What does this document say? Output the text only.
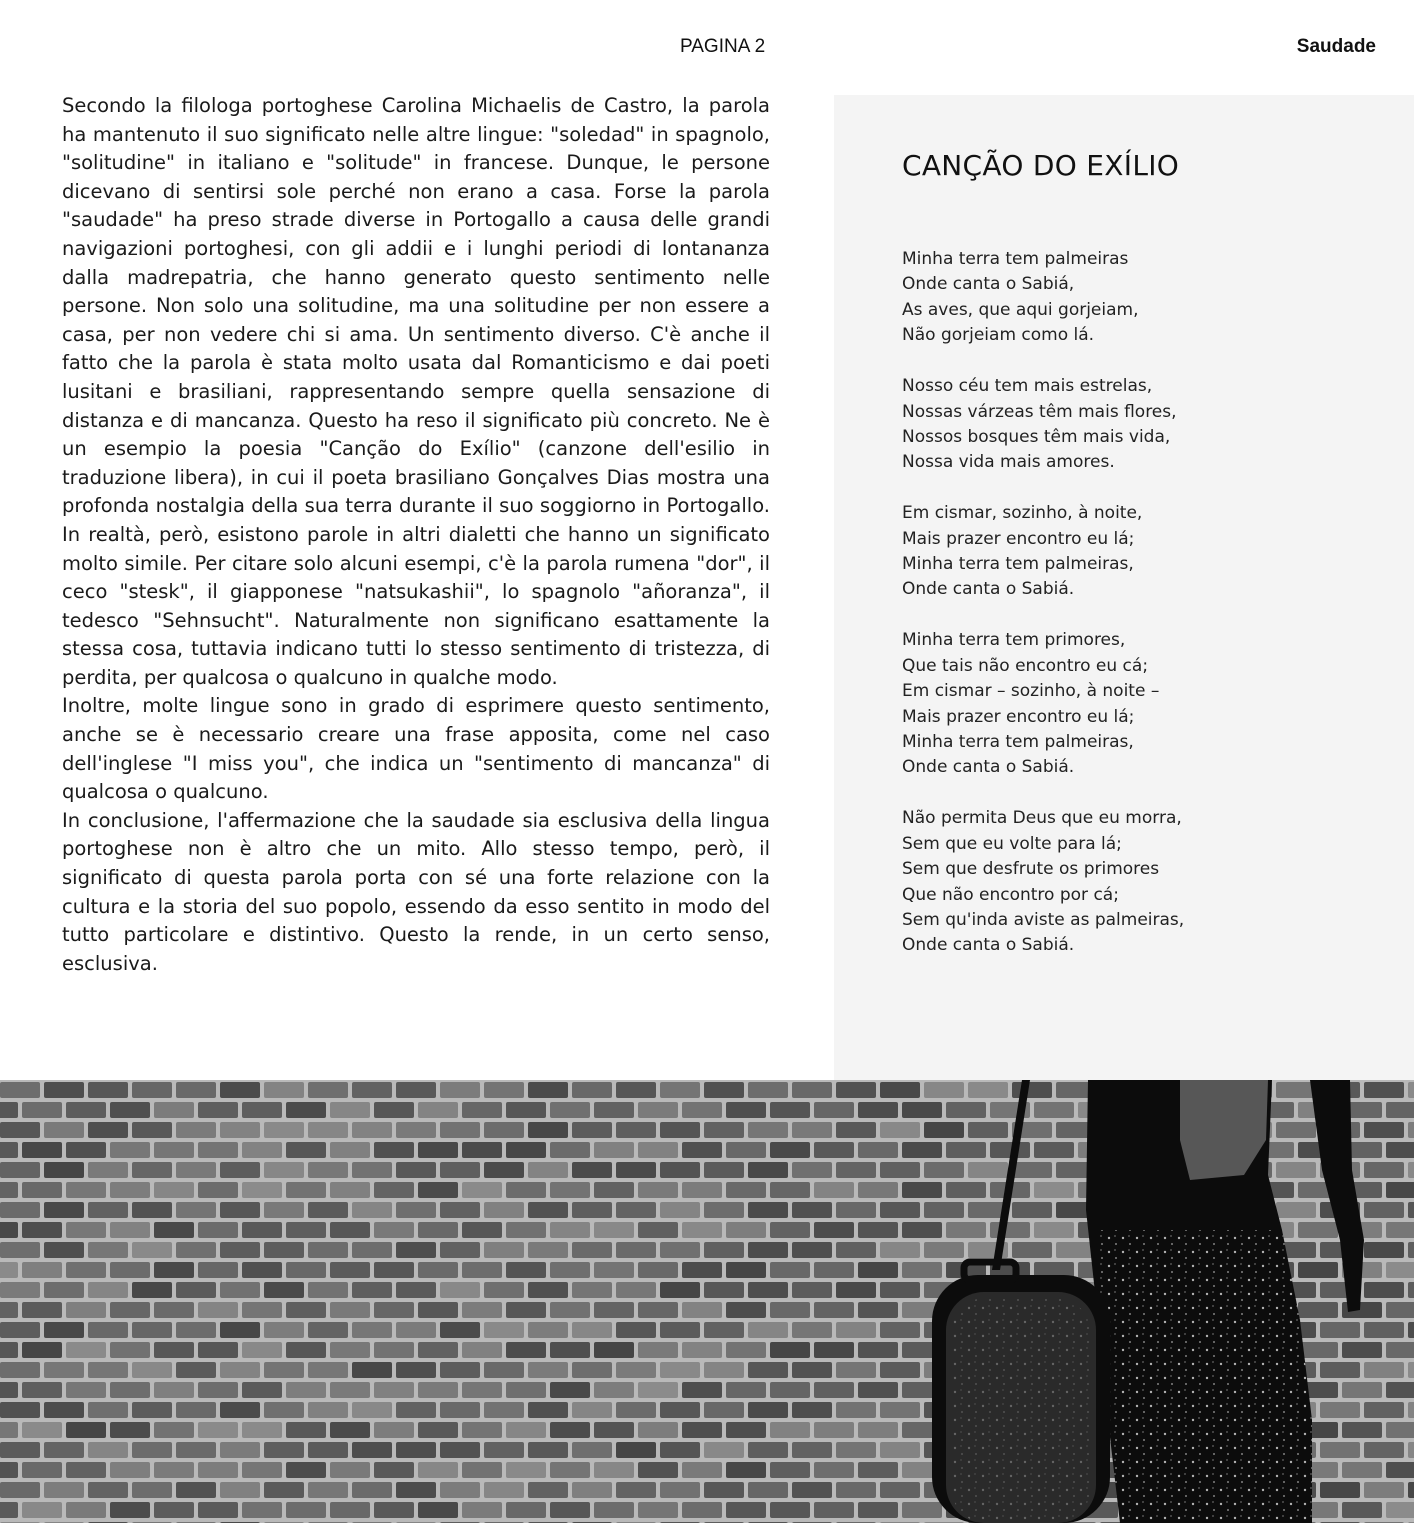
PAGINA 2	Saudade

Secondo la filologa portoghese Carolina Michaelis de Castro, la parola ha mantenuto il suo significato nelle altre lingue: "soledad" in spagnolo, "solitudine" in italiano e "solitude" in francese. Dunque, le persone dicevano di sentirsi sole perché non erano a casa. Forse la parola "saudade" ha preso strade diverse in Portogallo a causa delle grandi navigazioni portoghesi, con gli addii e i lunghi periodi di lontananza dalla madrepatria, che hanno generato questo sentimento nelle persone. Non solo una solitudine, ma una solitudine per non essere a casa, per non vedere chi si ama. Un sentimento diverso. C'è anche il fatto che la parola è stata molto usata dal Romanticismo e dai poeti lusitani e brasiliani, rappresentando sempre quella sensazione di distanza e di mancanza. Questo ha reso il significato più concreto. Ne è un esempio la poesia "Canção do Exílio" (canzone dell'esilio in traduzione libera), in cui il poeta brasiliano Gonçalves Dias mostra una profonda nostalgia della sua terra durante il suo soggiorno in Portogallo. In realtà, però, esistono parole in altri dialetti che hanno un significato molto simile. Per citare solo alcuni esempi, c'è la parola rumena "dor", il ceco "stesk", il giapponese "natsukashii", lo spagnolo "añoranza", il tedesco "Sehnsucht". Naturalmente non significano esattamente la stessa cosa, tuttavia indicano tutti lo stesso sentimento di tristezza, di perdita, per qualcosa o qualcuno in qualche modo.

Inoltre, molte lingue sono in grado di esprimere questo sentimento, anche se è necessario creare una frase apposita, come nel caso dell'inglese "I miss you", che indica un "sentimento di mancanza" di qualcosa o qualcuno.

In conclusione, l'affermazione che la saudade sia esclusiva della lingua portoghese non è altro che un mito. Allo stesso tempo, però, il significato di questa parola porta con sé una forte relazione con la cultura e la storia del suo popolo, essendo da esso sentito in modo del tutto particolare e distintivo. Questo la rende, in un certo senso, esclusiva.

CANÇÃO DO EXÍLIO
Minha terra tem palmeiras
Onde canta o Sabiá,
As aves, que aqui gorjeiam,
Não gorjeiam como lá.
Nosso céu tem mais estrelas,
Nossas várzeas têm mais flores,
Nossos bosques têm mais vida,
Nossa vida mais amores.
Em cismar, sozinho, à noite,
Mais prazer encontro eu lá;
Minha terra tem palmeiras,
Onde canta o Sabiá.
Minha terra tem primores,
Que tais não encontro eu cá;
Em cismar – sozinho, à noite –
Mais prazer encontro eu lá;
Minha terra tem palmeiras,
Onde canta o Sabiá.
Não permita Deus que eu morra,
Sem que eu volte para lá;
Sem que desfrute os primores
Que não encontro por cá;
Sem qu'inda aviste as palmeiras,
Onde canta o Sabiá.
